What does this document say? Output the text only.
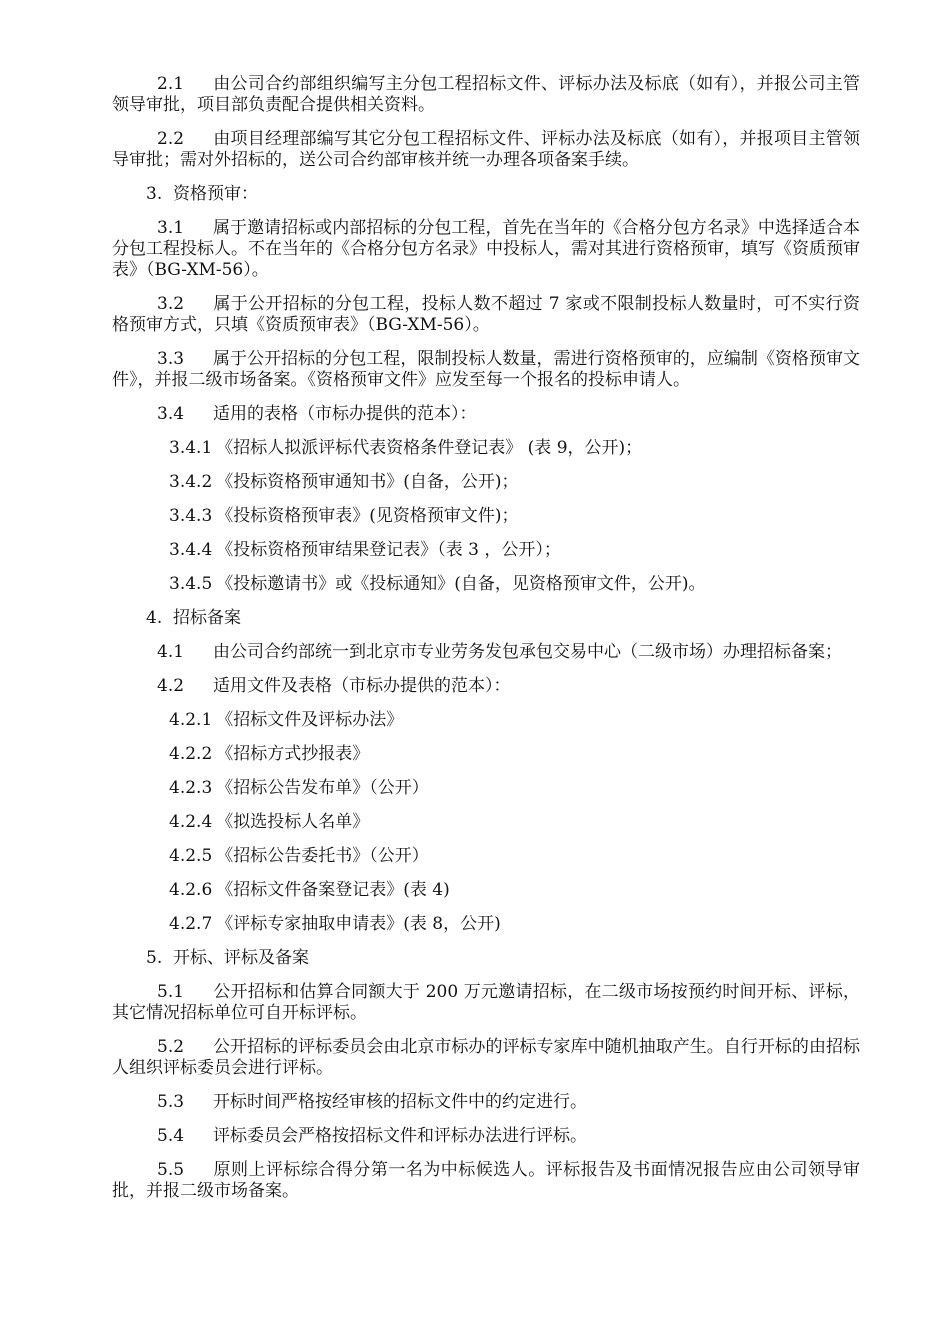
2.1 由公司合约部组织编写主分包工程招标文件、评标办法及标底（如有），并报公司主管领导审批，项目部负责配合提供相关资料。

2.2 由项目经理部编写其它分包工程招标文件、评标办法及标底（如有），并报项目主管领导审批；需对外招标的，送公司合约部审核并统一办理各项备案手续。

3. 资格预审：

3.1 属于邀请招标或内部招标的分包工程，首先在当年的《合格分包方名录》中选择适合本分包工程投标人。不在当年的《合格分包方名录》中投标人，需对其进行资格预审，填写《资质预审表》（BG-XM-56）。

3.2 属于公开招标的分包工程，投标人数不超过 7 家或不限制投标人数量时，可不实行资格预审方式，只填《资质预审表》（BG-XM-56）。

3.3 属于公开招标的分包工程，限制投标人数量，需进行资格预审的，应编制《资格预审文件》，并报二级市场备案。《资格预审文件》应发至每一个报名的投标申请人。

3.4 适用的表格（市标办提供的范本）：

3.4.1 《招标人拟派评标代表资格条件登记表》 (表 9，公开)；

3.4.2 《投标资格预审通知书》(自备，公开)；

3.4.3 《投标资格预审表》(见资格预审文件)；

3.4.4 《投标资格预审结果登记表》（表 3 ，公开）；

3.4.5 《投标邀请书》或《投标通知》(自备，见资格预审文件，公开)。

4. 招标备案

4.1 由公司合约部统一到北京市专业劳务发包承包交易中心（二级市场）办理招标备案；

4.2 适用文件及表格（市标办提供的范本）：

4.2.1 《招标文件及评标办法》

4.2.2 《招标方式抄报表》

4.2.3 《招标公告发布单》（公开）

4.2.4 《拟选投标人名单》

4.2.5 《招标公告委托书》（公开）

4.2.6 《招标文件备案登记表》(表 4)

4.2.7 《评标专家抽取申请表》(表 8，公开)

5. 开标、评标及备案

5.1 公开招标和估算合同额大于 200 万元邀请招标，在二级市场按预约时间开标、评标，其它情况招标单位可自开标评标。

5.2 公开招标的评标委员会由北京市标办的评标专家库中随机抽取产生。自行开标的由招标人组织评标委员会进行评标。

5.3 开标时间严格按经审核的招标文件中的约定进行。

5.4 评标委员会严格按招标文件和评标办法进行评标。

5.5 原则上评标综合得分第一名为中标候选人。评标报告及书面情况报告应由公司领导审批，并报二级市场备案。
